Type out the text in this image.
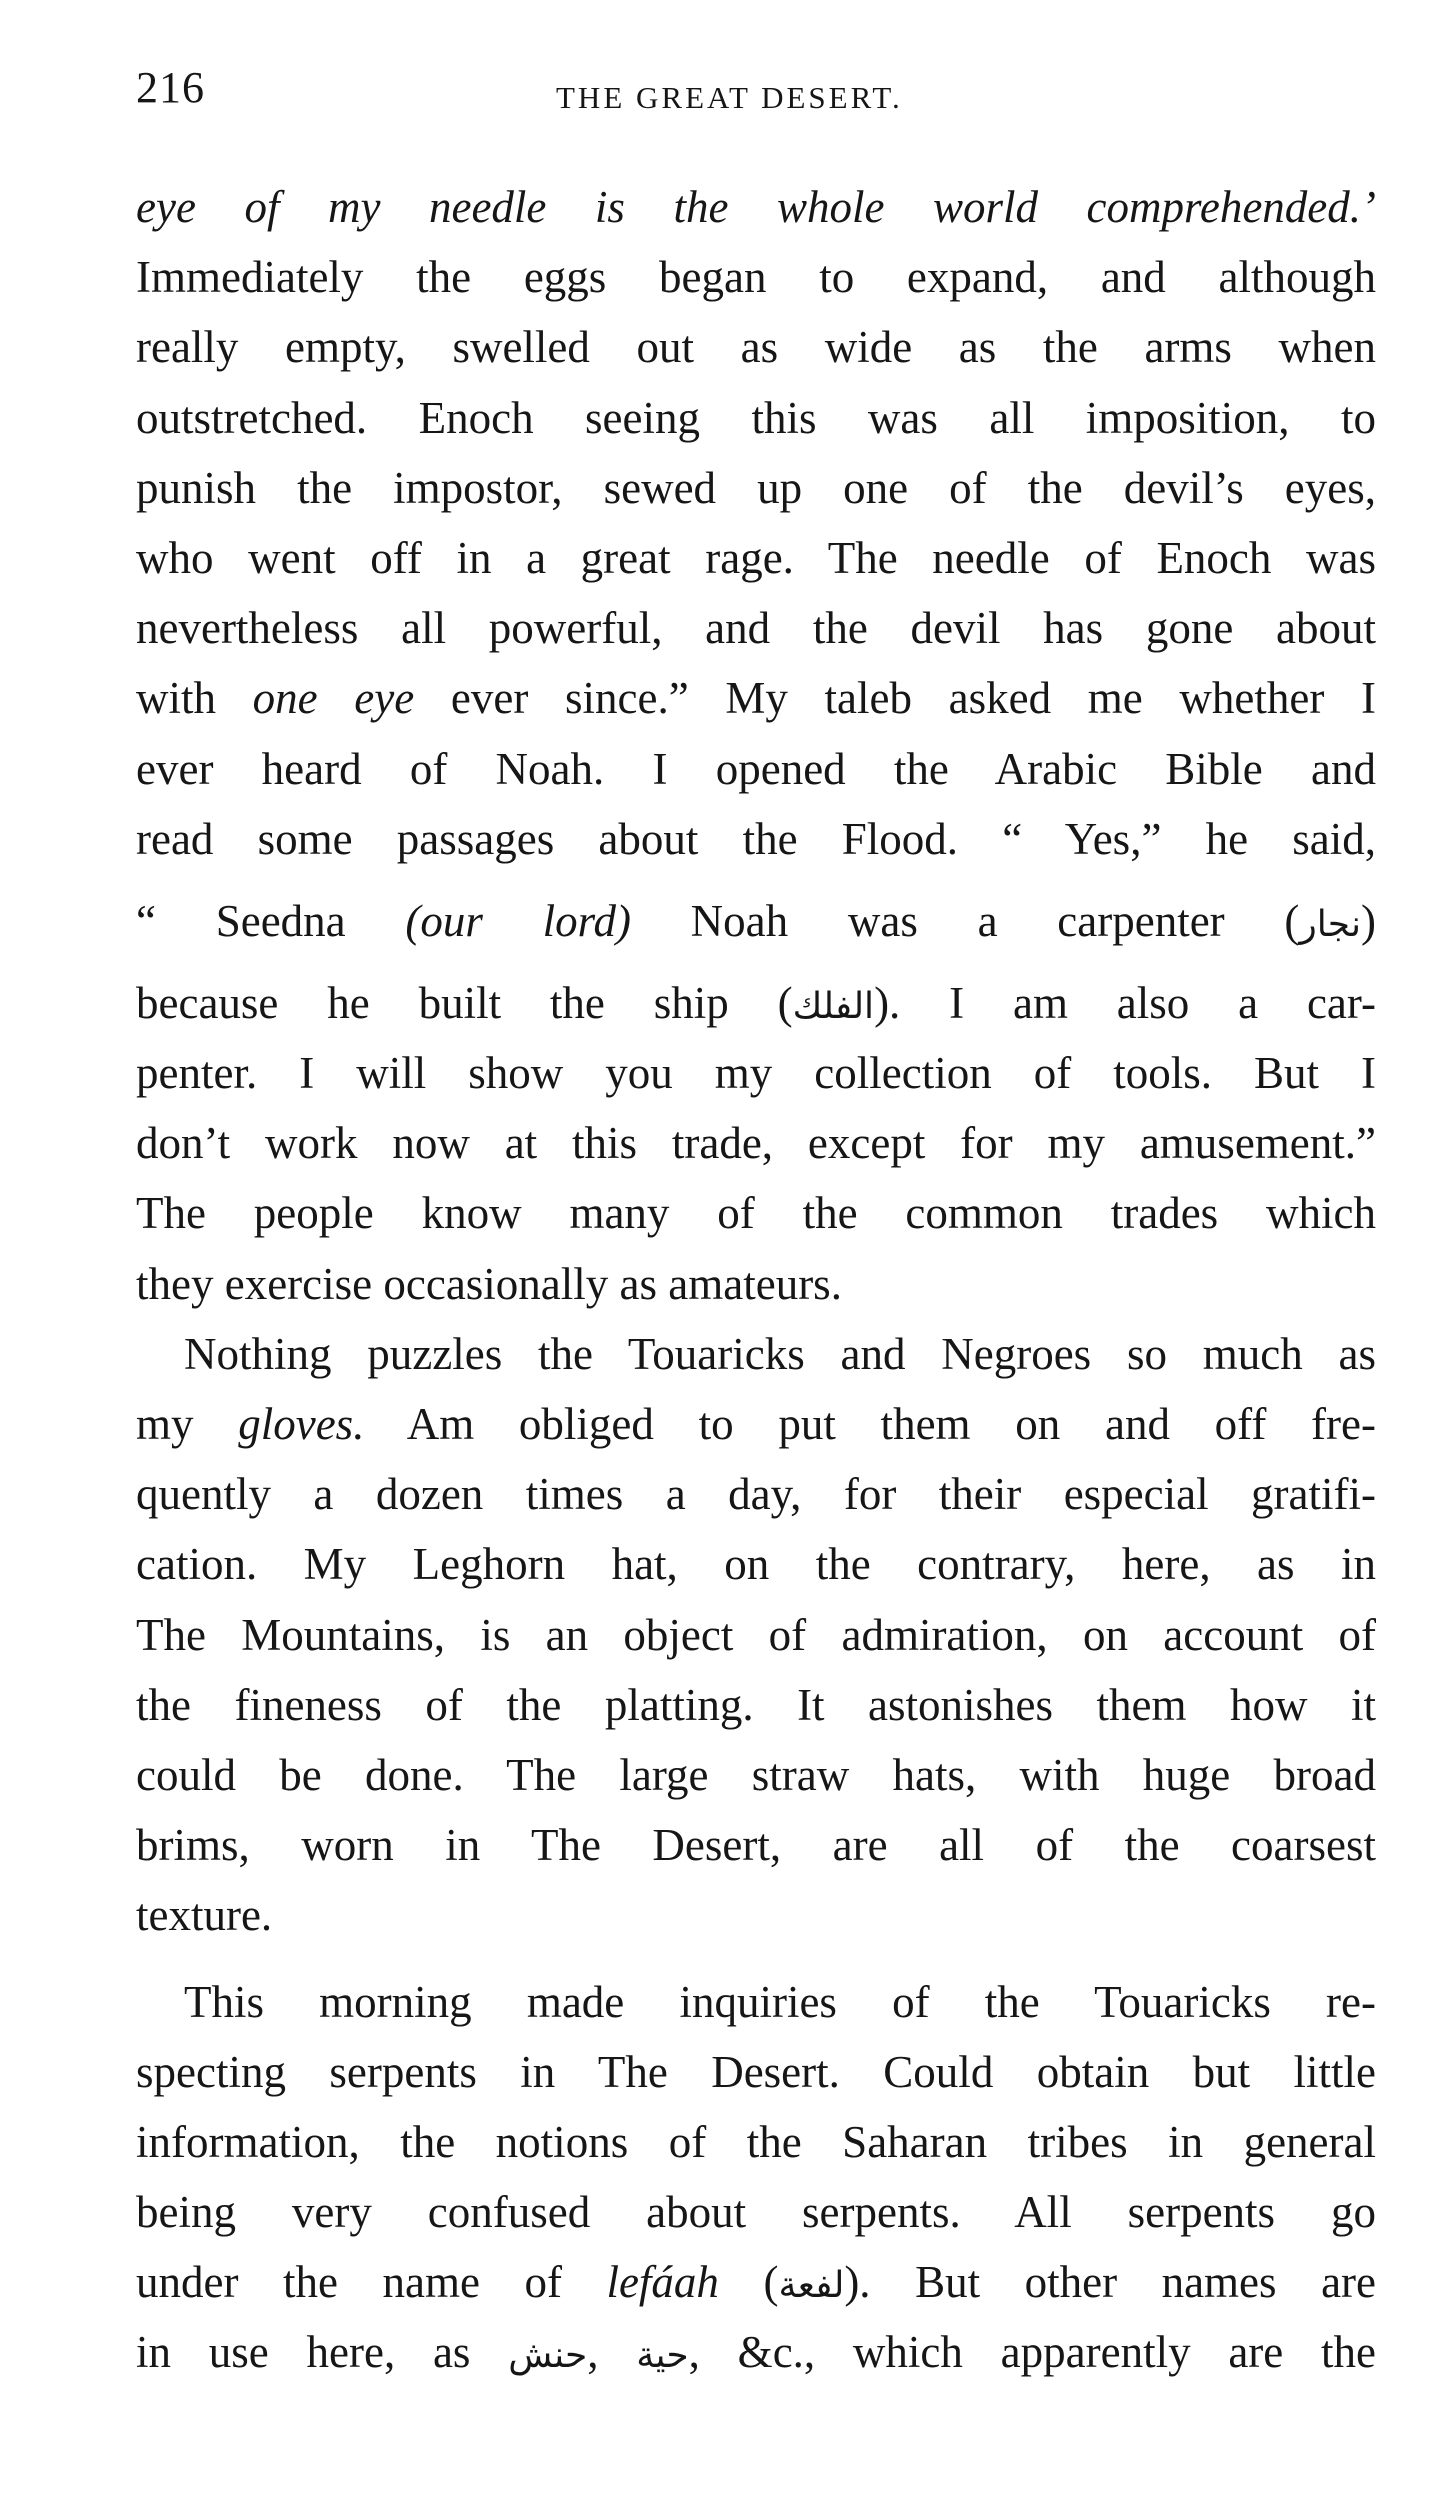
216	THE GREAT DESERT.
eye of my needle is the whole world comprehended.’
Immediately the eggs began to expand, and although
really empty, swelled out as wide as the arms when
outstretched. Enoch seeing this was all imposition, to
punish the impostor, sewed up one of the devil’s eyes,
who went off in a great rage. The needle of Enoch was
nevertheless all powerful, and the devil has gone about
with one eye ever since.” My taleb asked me whether I
ever heard of Noah. I opened the Arabic Bible and
read some passages about the Flood. “ Yes,” he said,
“ Seedna (our lord) Noah was a carpenter (نجار)
because he built the ship (الفلك). I am also a car-
penter. I will show you my collection of tools. But I
don’t work now at this trade, except for my amusement.”
The people know many of the common trades which
they exercise occasionally as amateurs.
Nothing puzzles the Touaricks and Negroes so much as
my gloves. Am obliged to put them on and off fre-
quently a dozen times a day, for their especial gratifi-
cation. My Leghorn hat, on the contrary, here, as in
The Mountains, is an object of admiration, on account of
the fineness of the platting. It astonishes them how it
could be done. The large straw hats, with huge broad
brims, worn in The Desert, are all of the coarsest
texture.
This morning made inquiries of the Touaricks re-
specting serpents in The Desert. Could obtain but little
information, the notions of the Saharan tribes in general
being very confused about serpents. All serpents go
under the name of lefáah (لفعة). But other names are
in use here, as حنش, حية, &c., which apparently are the
